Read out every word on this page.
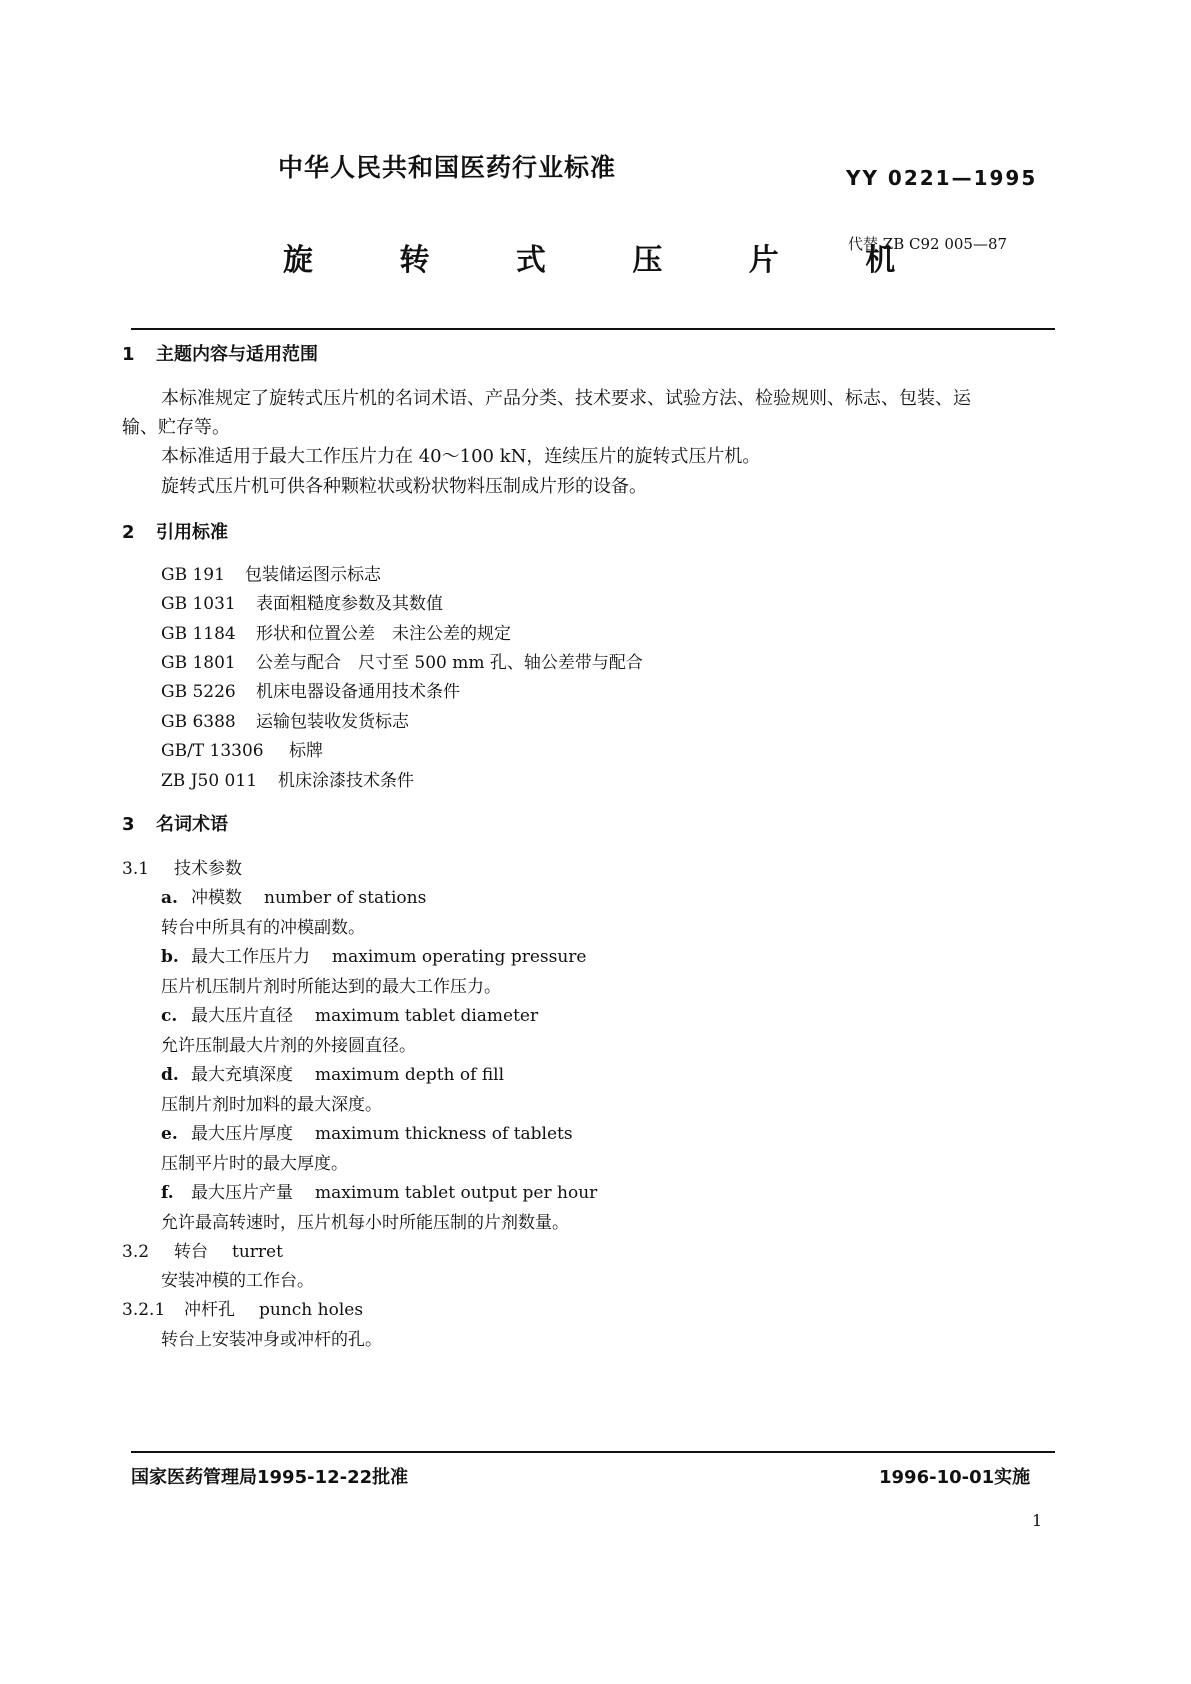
中华人民共和国医药行业标准	YY 0221—1995
旋 转 式 压 片 机
代替 ZB C92 005—87
1 主题内容与适用范围
本标准规定了旋转式压片机的名词术语、产品分类、技术要求、试验方法、检验规则、标志、包装、运
输、贮存等。
本标准适用于最大工作压片力在 40～100 kN，连续压片的旋转式压片机。
旋转式压片机可供各种颗粒状或粉状物料压制成片形的设备。
2 引用标准
GB 191 包装储运图示标志
GB 1031 表面粗糙度参数及其数值
GB 1184 形状和位置公差　未注公差的规定
GB 1801 公差与配合　尺寸至 500 mm 孔、轴公差带与配合
GB 5226 机床电器设备通用技术条件
GB 6388 运输包装收发货标志
GB/T 13306 标牌
ZB J50 011 机床涂漆技术条件
3 名词术语
3.1 技术参数
a. 冲模数 number of stations
转台中所具有的冲模副数。
b. 最大工作压片力 maximum operating pressure
压片机压制片剂时所能达到的最大工作压力。
c. 最大压片直径 maximum tablet diameter
允许压制最大片剂的外接圆直径。
d. 最大充填深度 maximum depth of fill
压制片剂时加料的最大深度。
e. 最大压片厚度 maximum thickness of tablets
压制平片时的最大厚度。
f. 最大压片产量 maximum tablet output per hour
允许最高转速时，压片机每小时所能压制的片剂数量。
3.2 转台 turret
安装冲模的工作台。
3.2.1 冲杆孔 punch holes
转台上安装冲身或冲杆的孔。
国家医药管理局1995-12-22批准	1996-10-01实施
1
